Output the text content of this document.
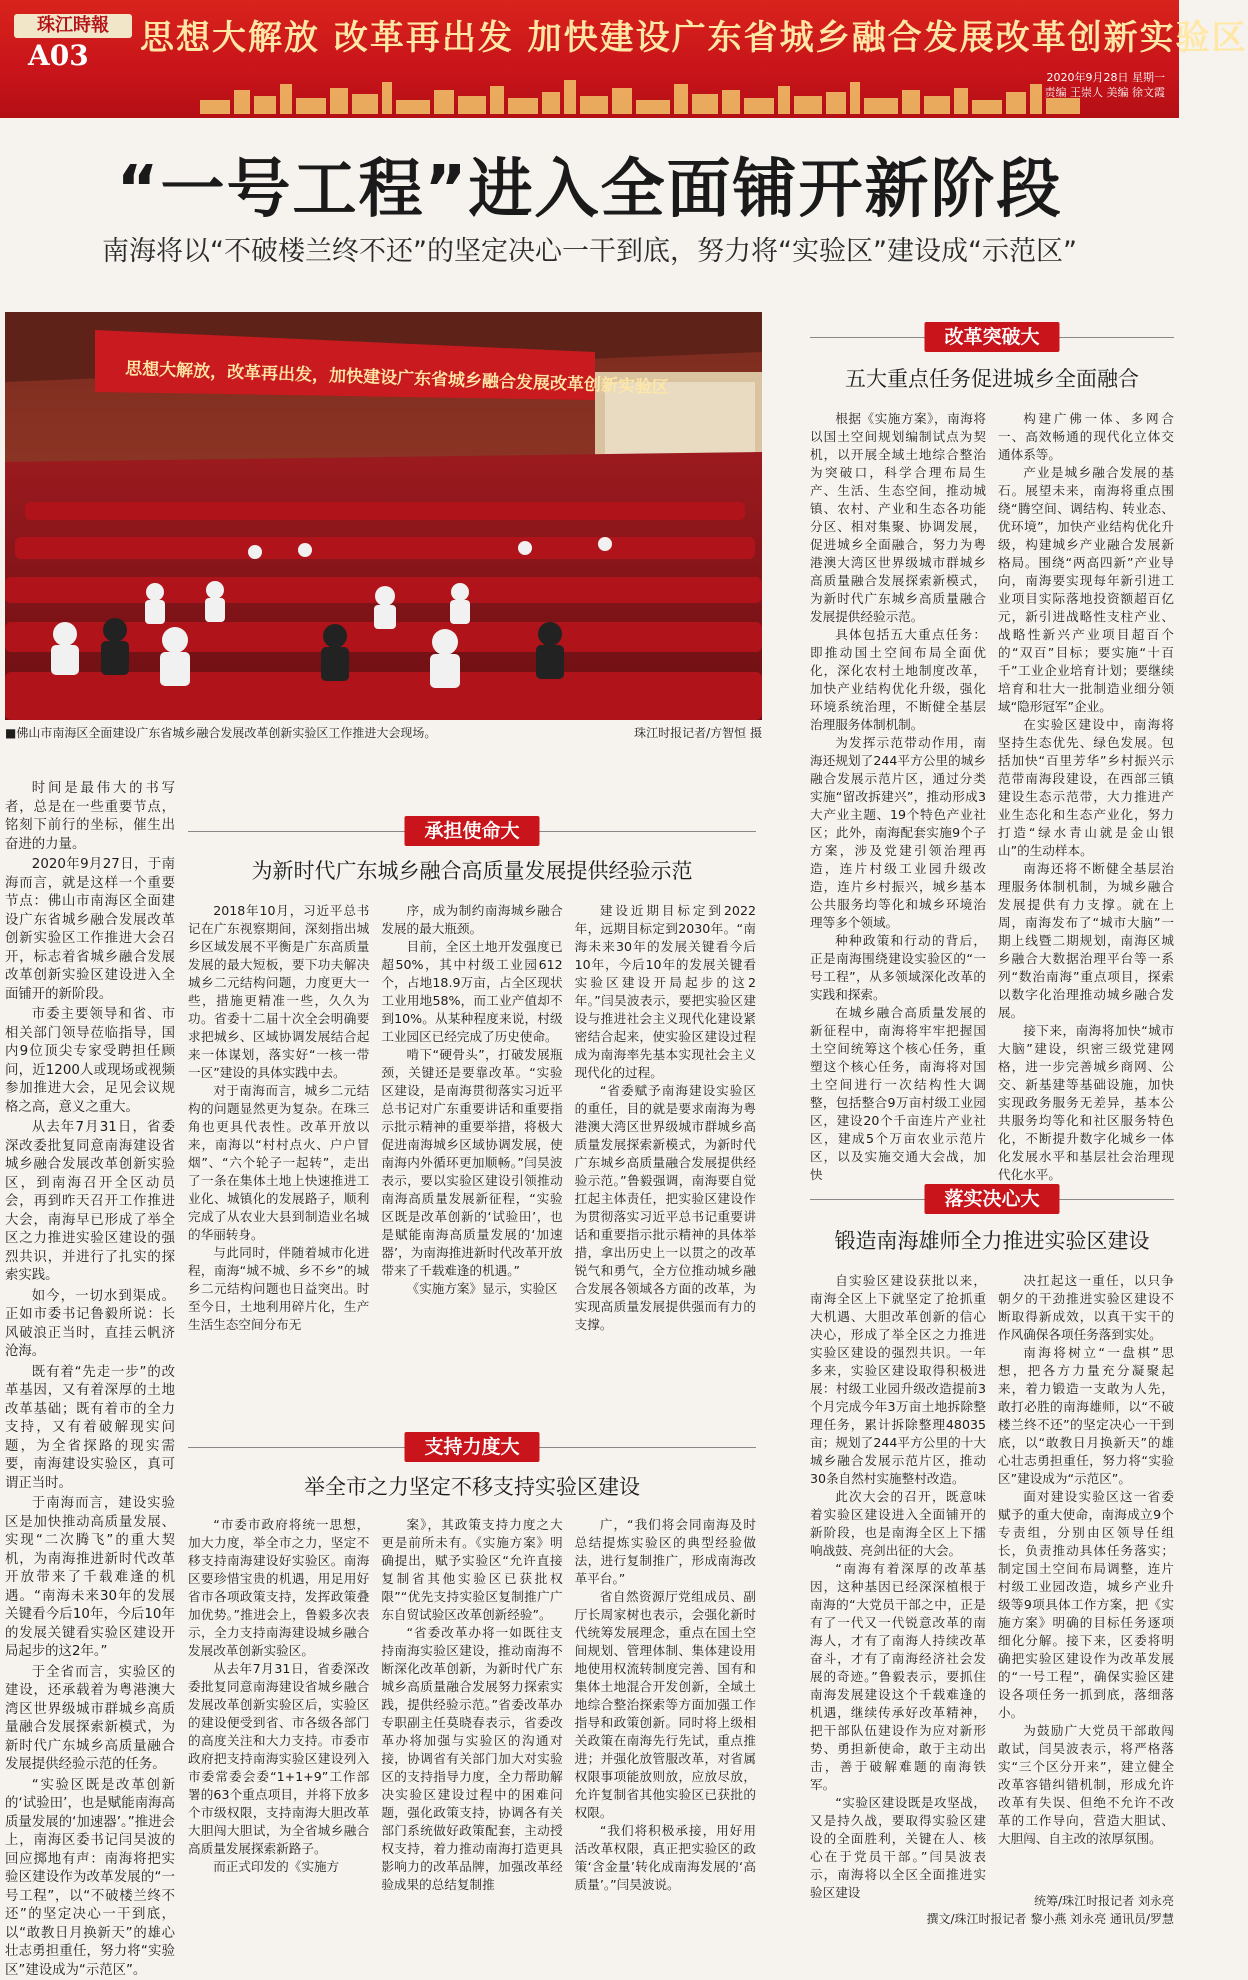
珠江時報
A03	思想大解放 改革再出发 加快建设广东省城乡融合发展改革创新实验区
2020年9月28日 星期一
责编 王崇人 美编 徐文霞
“一号工程”进入全面铺开新阶段
南海将以“不破楼兰终不还”的坚定决心一干到底，努力将“实验区”建设成“示范区”
思想大解放，改革再出发，加快建设广东省城乡融合发展改革创新实验区
■佛山市南海区全面建设广东省城乡融合发展改革创新实验区工作推进大会现场。	珠江时报记者/方智恒 摄

时间是最伟大的书写者，总是在一些重要节点，铭刻下前行的坐标，催生出奋进的力量。

2020年9月27日，于南海而言，就是这样一个重要节点：佛山市南海区全面建设广东省城乡融合发展改革创新实验区工作推进大会召开，标志着省城乡融合发展改革创新实验区建设进入全面铺开的新阶段。

市委主要领导和省、市相关部门领导莅临指导，国内9位顶尖专家受聘担任顾问，近1200人或现场或视频参加推进大会，足见会议规格之高，意义之重大。

从去年7月31日，省委深改委批复同意南海建设省城乡融合发展改革创新实验区，到南海召开全区动员会，再到昨天召开工作推进大会，南海早已形成了举全区之力推进实验区建设的强烈共识，并进行了扎实的探索实践。

如今，一切水到渠成。正如市委书记鲁毅所说：长风破浪正当时，直挂云帆济沧海。

既有着“先走一步”的改革基因，又有着深厚的土地改革基础；既有着市的全力支持，又有着破解现实问题，为全省探路的现实需要，南海建设实验区，真可谓正当时。

于南海而言，建设实验区是加快推动高质量发展、实现“二次腾飞”的重大契机，为南海推进新时代改革开放带来了千载难逢的机遇。“南海未来30年的发展关键看今后10年，今后10年的发展关键看实验区建设开局起步的这2年。”

于全省而言，实验区的建设，还承载着为粤港澳大湾区世界级城市群城乡高质量融合发展探索新模式，为新时代广东城乡高质量融合发展提供经验示范的任务。

“实验区既是改革创新的‘试验田’，也是赋能南海高质量发展的‘加速器’。”推进会上，南海区委书记闫昊波的回应掷地有声：南海将把实验区建设作为改革发展的“一号工程”，以“不破楼兰终不还”的坚定决心一干到底，以“敢教日月换新天”的雄心壮志勇担重任，努力将“实验区”建设成为“示范区”。

承担使命大
为新时代广东城乡融合高质量发展提供经验示范

2018年10月，习近平总书记在广东视察期间，深刻指出城乡区域发展不平衡是广东高质量发展的最大短板，要下功夫解决城乡二元结构问题，力度更大一些，措施更精准一些，久久为功。省委十二届十次全会明确要求把城乡、区域协调发展结合起来一体谋划，落实好“一核一带一区”建设的具体实践中去。

对于南海而言，城乡二元结构的问题显然更为复杂。在珠三角也更具代表性。改革开放以来，南海以“村村点火、户户冒烟”、“六个轮子一起转”，走出了一条在集体土地上快速推进工业化、城镇化的发展路子，顺利完成了从农业大县到制造业名城的华丽转身。

与此同时，伴随着城市化进程，南海“城不城、乡不乡”的城乡二元结构问题也日益突出。时至今日，土地利用碎片化，生产生活生态空间分布无

序，成为制约南海城乡融合发展的最大瓶颈。

目前，全区土地开发强度已超50%，其中村级工业园612个，占地18.9万亩，占全区现状工业用地58%，而工业产值却不到10%。从某种程度来说，村级工业园区已经完成了历史使命。

啃下“硬骨头”，打破发展瓶颈，关键还是要靠改革。“实验区建设，是南海贯彻落实习近平总书记对广东重要讲话和重要指示批示精神的重要举措，将极大促进南海城乡区域协调发展，使南海内外循环更加顺畅。”闫昊波表示，要以实验区建设引领推动南海高质量发展新征程，“实验区既是改革创新的‘试验田’，也是赋能南海高质量发展的‘加速器’，为南海推进新时代改革开放带来了千载难逢的机遇。”

《实施方案》显示，实验区

建设近期目标定到2022年，远期目标定到2030年。“南海未来30年的发展关键看今后10年，今后10年的发展关键看实验区建设开局起步的这2年。”闫昊波表示，要把实验区建设与推进社会主义现代化建设紧密结合起来，使实验区建设过程成为南海率先基本实现社会主义现代化的过程。

“省委赋予南海建设实验区的重任，目的就是要求南海为粤港澳大湾区世界级城市群城乡高质量发展探索新模式，为新时代广东城乡高质量融合发展提供经验示范。”鲁毅强调，南海要自觉扛起主体责任，把实验区建设作为贯彻落实习近平总书记重要讲话和重要指示批示精神的具体举措，拿出历史上一以贯之的改革锐气和勇气，全方位推动城乡融合发展各领域各方面的改革，为实现高质量发展提供强而有力的支撑。

支持力度大
举全市之力坚定不移支持实验区建设

“市委市政府将统一思想，加大力度，举全市之力，坚定不移支持南海建设好实验区。南海区要珍惜宝贵的机遇，用足用好省市各项政策支持，发挥政策叠加优势。”推进会上，鲁毅多次表示，全力支持南海建设城乡融合发展改革创新实验区。

从去年7月31日，省委深改委批复同意南海建设省城乡融合发展改革创新实验区后，实验区的建设便受到省、市各级各部门的高度关注和大力支持。市委市政府把支持南海实验区建设列入市委常委会委“1+1+9”工作部署的63个重点项目，并将下放多个市级权限，支持南海大胆改革大胆闯大胆试，为全省城乡融合高质量发展探索新路子。

而正式印发的《实施方

案》，其政策支持力度之大更是前所未有。《实施方案》明确提出，赋予实验区“允许直接复制省其他实验区已获批权限”“优先支持实验区复制推广广东自贸试验区改革创新经验”。

“省委改革办将一如既往支持南海实验区建设，推动南海不断深化改革创新，为新时代广东城乡高质量融合发展努力探索实践，提供经验示范。”省委改革办专职副主任莫晓春表示，省委改革办将加强与实验区的沟通对接，协调省有关部门加大对实验区的支持指导力度，全力帮助解决实验区建设过程中的困难问题，强化政策支持，协调各有关部门系统做好政策配套，主动授权支持，着力推动南海打造更具影响力的改革品牌，加强改革经验成果的总结复制推

广，“我们将会同南海及时总结提炼实验区的典型经验做法，进行复制推广，形成南海改革平台。”

省自然资源厅党组成员、副厅长周家树也表示，会强化新时代统筹发展理念，重点在国土空间规划、管理体制、集体建设用地使用权流转制度完善、国有和集体土地混合开发创新，全域土地综合整治探索等方面加强工作指导和政策创新。同时将上级相关政策在南海先行先试，重点推进；并强化放管服改革，对省属权限事项能放则放，应放尽放，允许复制省其他实验区已获批的权限。

“我们将积极承接，用好用活改革权限，真正把实验区的政策‘含金量’转化成南海发展的‘高质量’。”闫昊波说。

改革突破大
五大重点任务促进城乡全面融合

根据《实施方案》，南海将以国土空间规划编制试点为契机，以开展全域土地综合整治为突破口，科学合理布局生产、生活、生态空间，推动城镇、农村、产业和生态各功能分区、相对集聚、协调发展，促进城乡全面融合，努力为粤港澳大湾区世界级城市群城乡高质量融合发展探索新模式，为新时代广东城乡高质量融合发展提供经验示范。

具体包括五大重点任务：即推动国土空间布局全面优化，深化农村土地制度改革，加快产业结构优化升级，强化环境系统治理，不断健全基层治理服务体制机制。

为发挥示范带动作用，南海还规划了244平方公里的城乡融合发展示范片区，通过分类实施“留改拆建兴”，推动形成3大产业主题、19个特色产业社区；此外，南海配套实施9个子方案，涉及党建引领治理再造，连片村级工业园升级改造，连片乡村振兴，城乡基本公共服务均等化和城乡环境治理等多个领域。

种种政策和行动的背后，正是南海围绕建设实验区的“一号工程”，从多领域深化改革的实践和探索。

在城乡融合高质量发展的新征程中，南海将牢牢把握国土空间统筹这个核心任务，重塑这个核心任务，南海将对国土空间进行一次结构性大调整，包括整合9万亩村级工业园区，建设20个千亩连片产业社区，建成5个万亩农业示范片区，以及实施交通大会战，加快

构建广佛一体、多网合一、高效畅通的现代化立体交通体系等。

产业是城乡融合发展的基石。展望未来，南海将重点围绕“腾空间、调结构、转业态、优环境”，加快产业结构优化升级，构建城乡产业融合发展新格局。围绕“两高四新”产业导向，南海要实现每年新引进工业项目实际落地投资额超百亿元，新引进战略性支柱产业、战略性新兴产业项目超百个的“双百”目标；要实施“十百千”工业企业培育计划；要继续培育和壮大一批制造业细分领域“隐形冠军”企业。

在实验区建设中，南海将坚持生态优先、绿色发展。包括加快“百里芳华”乡村振兴示范带南海段建设，在西部三镇建设生态示范带，大力推进产业生态化和生态产业化，努力打造“绿水青山就是金山银山”的生动样本。

南海还将不断健全基层治理服务体制机制，为城乡融合发展提供有力支撑。就在上周，南海发布了“城市大脑”一期上线暨二期规划，南海区城乡融合大数据治理平台等一系列“数治南海”重点项目，探索以数字化治理推动城乡融合发展。

接下来，南海将加快“城市大脑”建设，织密三级党建网格，进一步完善城乡商网、公交、新基建等基础设施，加快实现政务服务无差异，基本公共服务均等化和社区服务特色化，不断提升数字化城乡一体化发展水平和基层社会治理现代化水平。

落实决心大
锻造南海雄师全力推进实验区建设

自实验区建设获批以来，南海全区上下就坚定了抢抓重大机遇、大胆改革创新的信心决心，形成了举全区之力推进实验区建设的强烈共识。一年多来，实验区建设取得积极进展：村级工业园升级改造提前3个月完成今年3万亩土地拆除整理任务，累计拆除整理48035亩；规划了244平方公里的十大城乡融合发展示范片区，推动30条自然村实施整村改造。

此次大会的召开，既意味着实验区建设进入全面铺开的新阶段，也是南海全区上下擂响战鼓、亮剑出征的大会。

“南海有着深厚的改革基因，这种基因已经深深植根于南海的“大党员干部之中，正是有了一代又一代锐意改革的南海人，才有了南海人持续改革奋斗，才有了南海经济社会发展的奇迹。”鲁毅表示，要抓住南海发展建设这个千载难逢的机遇，继续传承好改革精神，把干部队伍建设作为应对新形势、勇担新使命，敢于主动出击，善于破解难题的南海铁军。

“实验区建设既是攻坚战，又是持久战，要取得实验区建设的全面胜利，关键在人、核心在于党员干部。”闫昊波表示，南海将以全区全面推进实验区建设

决扛起这一重任，以只争朝夕的干劲推进实验区建设不断取得新成效，以真干实干的作风确保各项任务落到实处。

南海将树立“一盘棋”思想，把各方力量充分凝聚起来，着力锻造一支敢为人先，敢打必胜的南海雄师，以“不破楼兰终不还”的坚定决心一干到底，以“敢教日月换新天”的雄心壮志勇担重任，努力将“实验区”建设成为“示范区”。

面对建设实验区这一省委赋予的重大使命，南海成立9个专责组，分别由区领导任组长，负责推动具体任务落实；制定国土空间布局调整，连片村级工业园改造，城乡产业升级等9项具体工作方案，把《实施方案》明确的目标任务逐项细化分解。接下来，区委将明确把实验区建设作为改革发展的“一号工程”，确保实验区建设各项任务一抓到底，落细落小。

为鼓励广大党员干部敢闯敢试，闫昊波表示，将严格落实“三个区分开来”，建立健全改革容错纠错机制，形成允许改革有失误、但绝不允许不改革的工作导向，营造大胆试、大胆闯、自主改的浓厚氛围。

统筹/珠江时报记者 刘永亮
撰文/珠江时报记者 黎小燕 刘永亮 通讯员/罗慧
